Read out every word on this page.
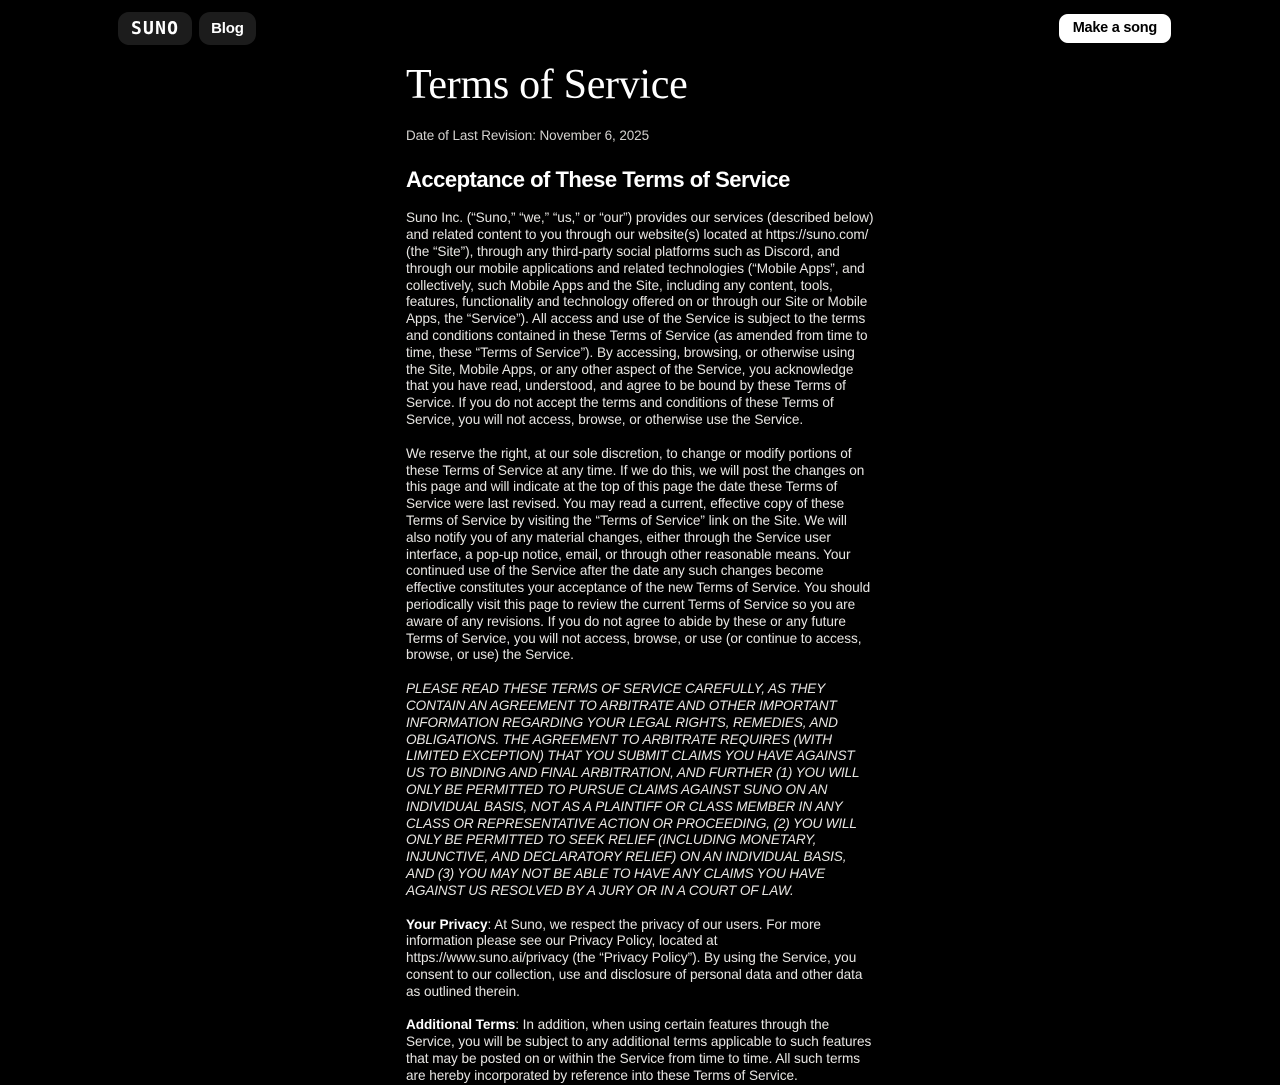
SUNO Blog	Make a song
Terms of Service

Date of Last Revision: November 6, 2025

Acceptance of These Terms of Service

Suno Inc. (“Suno,” “we,” “us,” or “our”) provides our services (described below) and related content to you through our website(s) located at https://suno.com/ (the “Site”), through any third-party social platforms such as Discord, and through our mobile applications and related technologies (“Mobile Apps”, and collectively, such Mobile Apps and the Site, including any content, tools, features, functionality and technology offered on or through our Site or Mobile Apps, the “Service”). All access and use of the Service is subject to the terms and conditions contained in these Terms of Service (as amended from time to time, these “Terms of Service”). By accessing, browsing, or otherwise using the Site, Mobile Apps, or any other aspect of the Service, you acknowledge that you have read, understood, and agree to be bound by these Terms of Service. If you do not accept the terms and conditions of these Terms of Service, you will not access, browse, or otherwise use the Service.

We reserve the right, at our sole discretion, to change or modify portions of these Terms of Service at any time. If we do this, we will post the changes on this page and will indicate at the top of this page the date these Terms of Service were last revised. You may read a current, effective copy of these Terms of Service by visiting the “Terms of Service” link on the Site. We will also notify you of any material changes, either through the Service user interface, a pop-up notice, email, or through other reasonable means. Your continued use of the Service after the date any such changes become effective constitutes your acceptance of the new Terms of Service. You should periodically visit this page to review the current Terms of Service so you are aware of any revisions. If you do not agree to abide by these or any future Terms of Service, you will not access, browse, or use (or continue to access, browse, or use) the Service.

PLEASE READ THESE TERMS OF SERVICE CAREFULLY, AS THEY CONTAIN AN AGREEMENT TO ARBITRATE AND OTHER IMPORTANT INFORMATION REGARDING YOUR LEGAL RIGHTS, REMEDIES, AND OBLIGATIONS. THE AGREEMENT TO ARBITRATE REQUIRES (WITH LIMITED EXCEPTION) THAT YOU SUBMIT CLAIMS YOU HAVE AGAINST US TO BINDING AND FINAL ARBITRATION, AND FURTHER (1) YOU WILL ONLY BE PERMITTED TO PURSUE CLAIMS AGAINST SUNO ON AN INDIVIDUAL BASIS, NOT AS A PLAINTIFF OR CLASS MEMBER IN ANY CLASS OR REPRESENTATIVE ACTION OR PROCEEDING, (2) YOU WILL ONLY BE PERMITTED TO SEEK RELIEF (INCLUDING MONETARY, INJUNCTIVE, AND DECLARATORY RELIEF) ON AN INDIVIDUAL BASIS, AND (3) YOU MAY NOT BE ABLE TO HAVE ANY CLAIMS YOU HAVE AGAINST US RESOLVED BY A JURY OR IN A COURT OF LAW.

Your Privacy: At Suno, we respect the privacy of our users. For more information please see our Privacy Policy, located at https://www.suno.ai/privacy (the “Privacy Policy”). By using the Service, you consent to our collection, use and disclosure of personal data and other data as outlined therein.

Additional Terms: In addition, when using certain features through the Service, you will be subject to any additional terms applicable to such features that may be posted on or within the Service from time to time. All such terms are hereby incorporated by reference into these Terms of Service.
